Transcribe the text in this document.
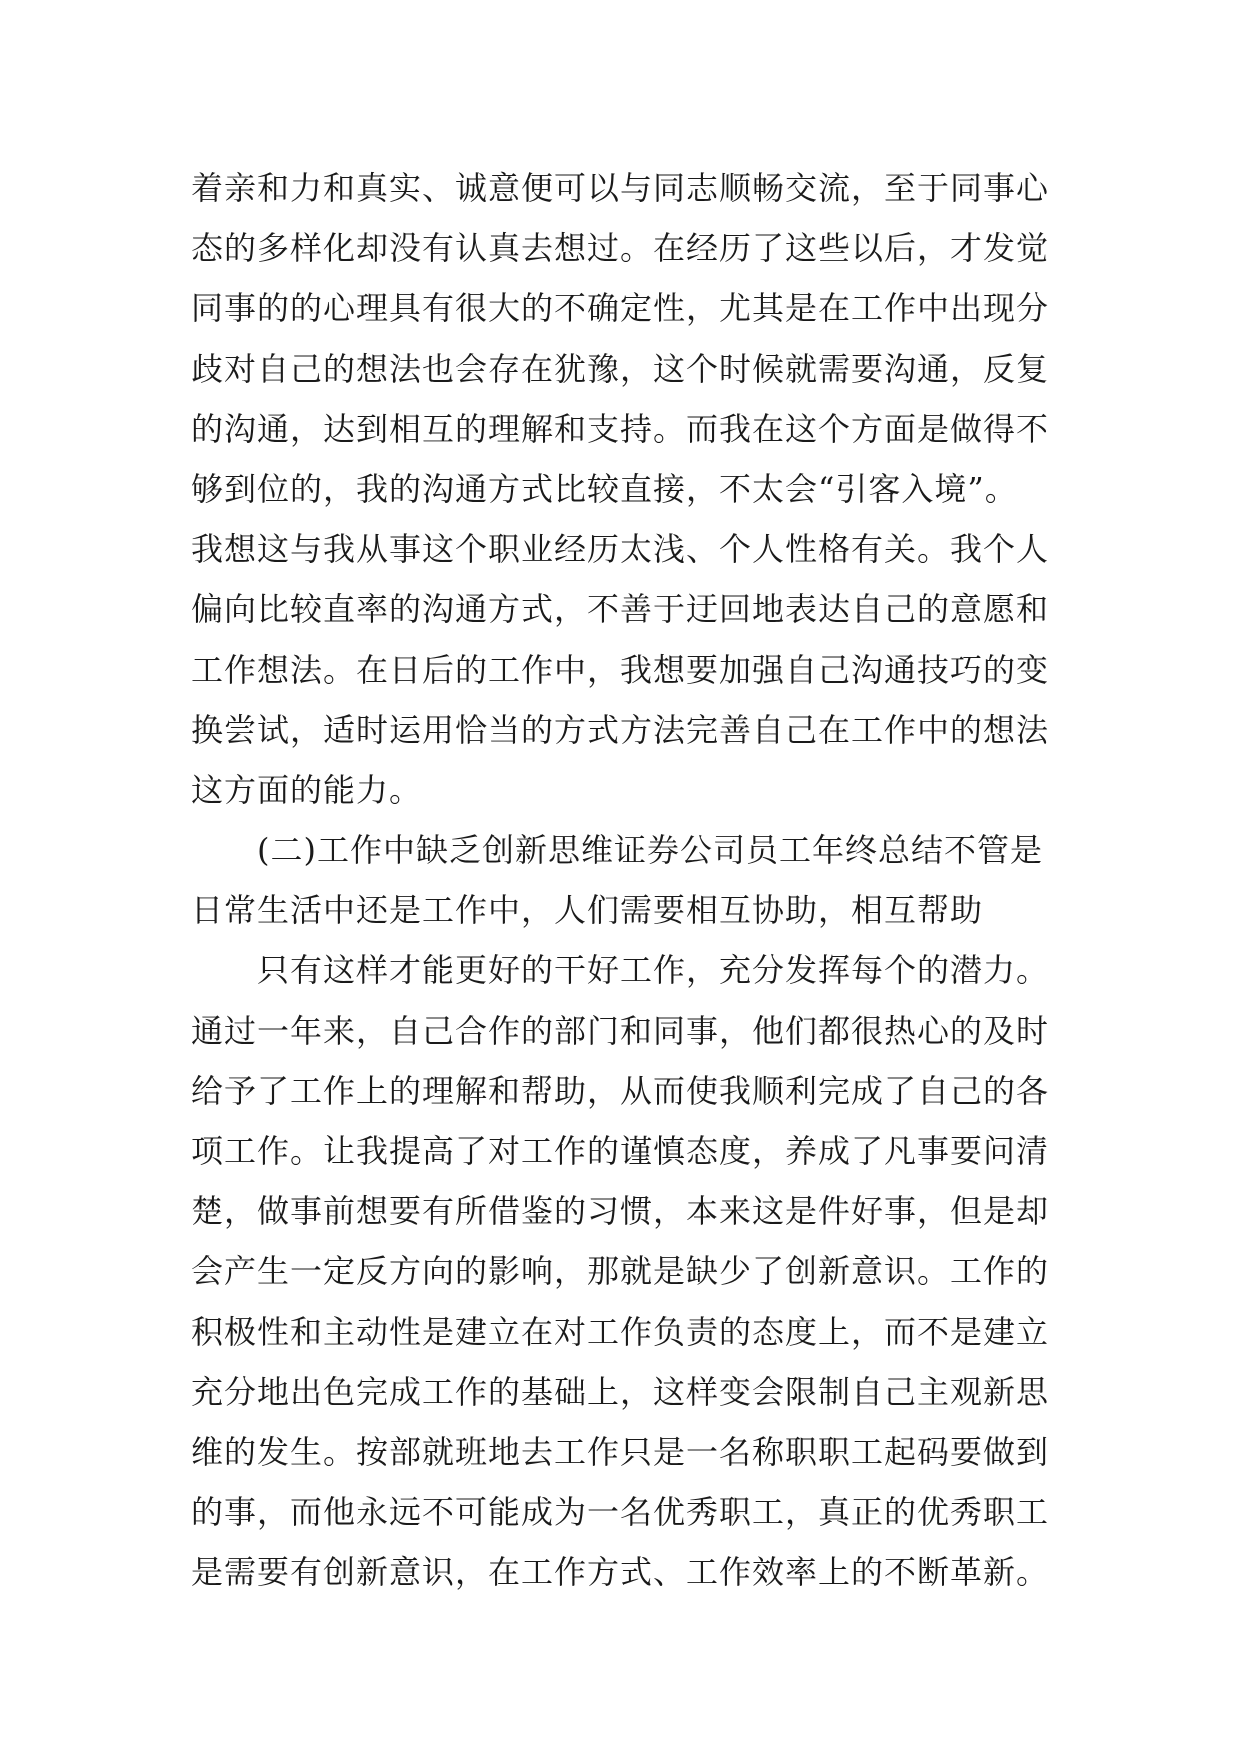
着亲和力和真实、诚意便可以与同志顺畅交流，至于同事心
态的多样化却没有认真去想过。在经历了这些以后，才发觉
同事的的心理具有很大的不确定性，尤其是在工作中出现分
歧对自己的想法也会存在犹豫，这个时候就需要沟通，反复
的沟通，达到相互的理解和支持。而我在这个方面是做得不
够到位的，我的沟通方式比较直接，不太会“引客入境”。
我想这与我从事这个职业经历太浅、个人性格有关。我个人
偏向比较直率的沟通方式，不善于迂回地表达自己的意愿和
工作想法。在日后的工作中，我想要加强自己沟通技巧的变
换尝试，适时运用恰当的方式方法完善自己在工作中的想法
这方面的能力。
(二)工作中缺乏创新思维证券公司员工年终总结不管是
日常生活中还是工作中，人们需要相互协助，相互帮助
只有这样才能更好的干好工作，充分发挥每个的潜力。
通过一年来，自己合作的部门和同事，他们都很热心的及时
给予了工作上的理解和帮助，从而使我顺利完成了自己的各
项工作。让我提高了对工作的谨慎态度，养成了凡事要问清
楚，做事前想要有所借鉴的习惯，本来这是件好事，但是却
会产生一定反方向的影响，那就是缺少了创新意识。工作的
积极性和主动性是建立在对工作负责的态度上，而不是建立
充分地出色完成工作的基础上，这样变会限制自己主观新思
维的发生。按部就班地去工作只是一名称职职工起码要做到
的事，而他永远不可能成为一名优秀职工，真正的优秀职工
是需要有创新意识，在工作方式、工作效率上的不断革新。
